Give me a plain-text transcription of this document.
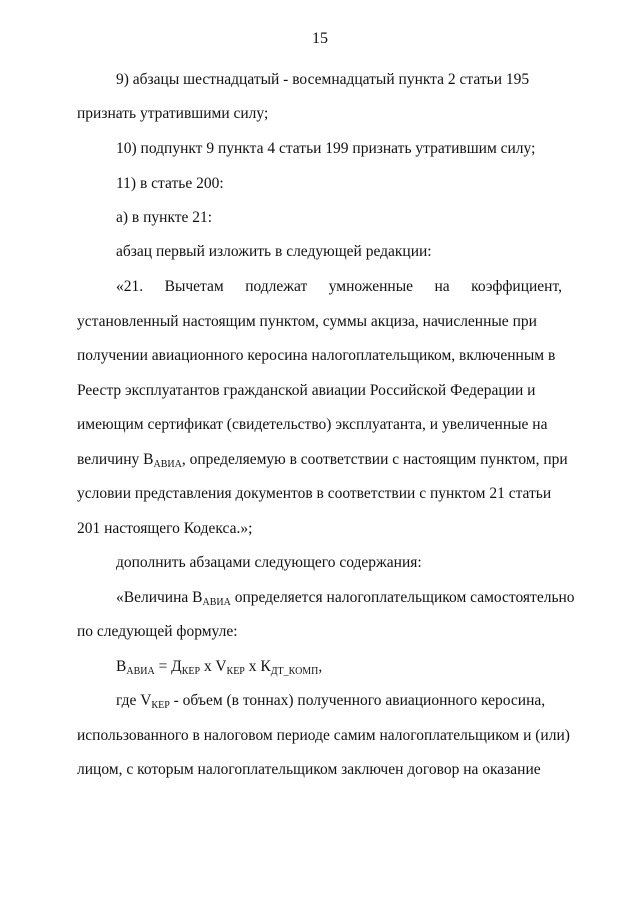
15
9) абзацы шестнадцатый - восемнадцатый пункта 2 статьи 195
признать утратившими силу;
10) подпункт 9 пункта 4 статьи 199 признать утратившим силу;
11) в статье 200:
а) в пункте 21:
абзац первый изложить в следующей редакции:
«21. Вычетам подлежат умноженные на коэффициент,
установленный настоящим пунктом, суммы акциза, начисленные при
получении авиационного керосина налогоплательщиком, включенным в
Реестр эксплуатантов гражданской авиации Российской Федерации и
имеющим сертификат (свидетельство) эксплуатанта, и увеличенные на
величину $В_{АВИА}$, определяемую в соответствии с настоящим пунктом, при
условии представления документов в соответствии с пунктом 21 статьи
201 настоящего Кодекса.»;
дополнить абзацами следующего содержания:
«Величина $В_{АВИА}$ определяется налогоплательщиком самостоятельно
по следующей формуле:
$В_{АВИА} = Д_{КЕР}$ x $V_{КЕР}$ x $К_{ДТ\_КОМП}$,
где $V_{КЕР}$ - объем (в тоннах) полученного авиационного керосина,
использованного в налоговом периоде самим налогоплательщиком и (или)
лицом, с которым налогоплательщиком заключен договор на оказание
